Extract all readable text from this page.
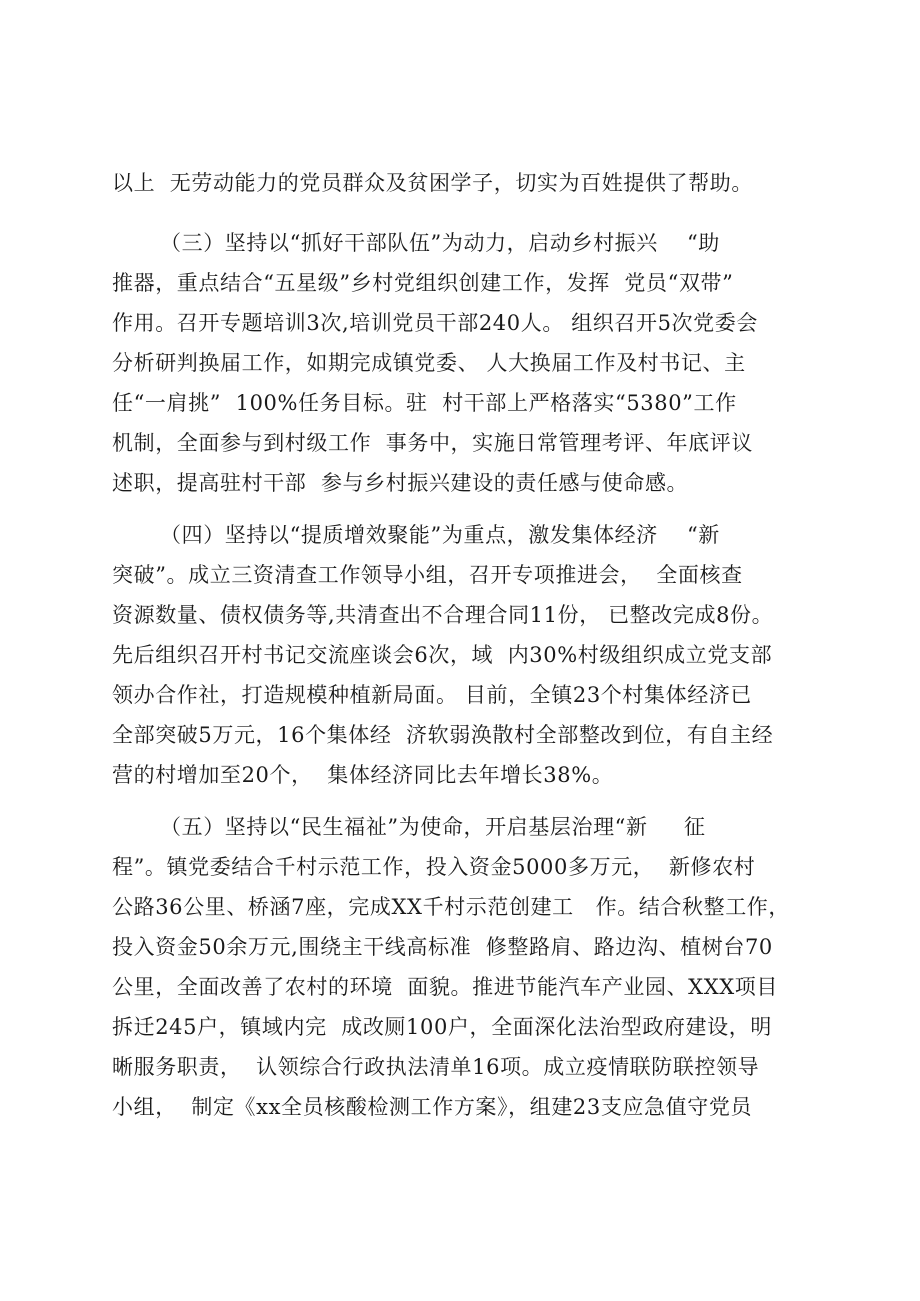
以上  无劳动能力的党员群众及贫困学子，切实为百姓提供了帮助。
（三）坚持以“抓好干部队伍”为动力，启动乡村振兴    “助
推器，重点结合“五星级”乡村党组织创建工作，发挥  党员“双带”
作用。召开专题培训3次,培训党员干部240人。 组织召开5次党委会
分析研判换届工作，如期完成镇党委、 人大换届工作及村书记、主
任“一肩挑”  100%任务目标。驻  村干部上严格落实“5380”工作
机制，全面参与到村级工作  事务中，实施日常管理考评、年底评议
述职，提高驻村干部  参与乡村振兴建设的责任感与使命感。
（四）坚持以“提质增效聚能”为重点，激发集体经济    “新
突破”。成立三资清查工作领导小组，召开专项推进会，  全面核查
资源数量、债权债务等,共清查出不合理合同11份， 已整改完成8份。
先后组织召开村书记交流座谈会6次，域  内30%村级组织成立党支部
领办合作社，打造规模种植新局面。 目前，全镇23个村集体经济已
全部突破5万元，16个集体经  济软弱涣散村全部整改到位，有自主经
营的村增加至20个，  集体经济同比去年增长38%。
（五）坚持以“民生福祉”为使命，开启基层治理“新     征
程”。镇党委结合千村示范工作，投入资金5000多万元，  新修农村
公路36公里、桥涵7座，完成XX千村示范创建工   作。结合秋整工作，
投入资金50余万元,围绕主干线高标准  修整路肩、路边沟、植树台70
公里，全面改善了农村的环境  面貌。推进节能汽车产业园、XXX项目
拆迁245户，镇域内完  成改厕100户，全面深化法治型政府建设，明
晰服务职责，  认领综合行政执法清单16项。成立疫情联防联控领导
小组，  制定《xx全员核酸检测工作方案》，组建23支应急值守党员
